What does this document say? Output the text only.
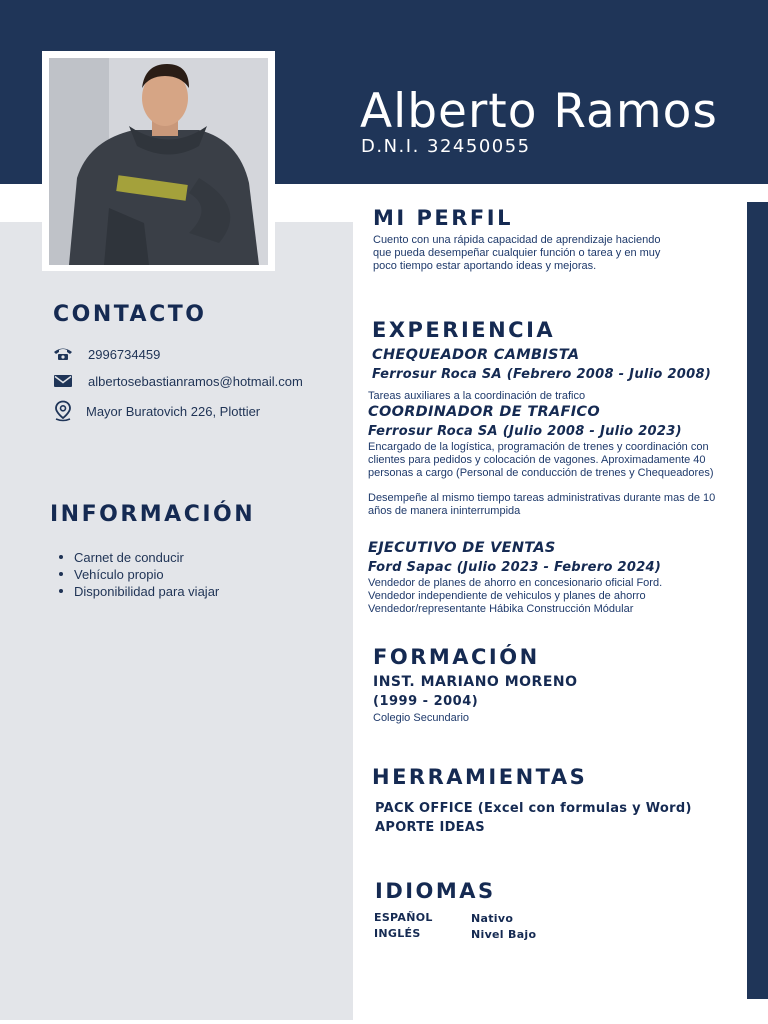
Alberto Ramos
D.N.I. 32450055
CONTACTO
2996734459
albertosebastianramos@hotmail.com
Mayor Buratovich 226, Plottier
INFORMACIÓN
Carnet de conducir
Vehículo propio
Disponibilidad para viajar
MI PERFIL
Cuento con una rápida capacidad de aprendizaje haciendo
que pueda desempeñar cualquier función o tarea y en muy
poco tiempo estar aportando ideas y mejoras.
EXPERIENCIA
CHEQUEADOR CAMBISTA
Ferrosur Roca SA (Febrero 2008 - Julio 2008)
Tareas auxiliares a la coordinación de trafico
COORDINADOR DE TRAFICO
Ferrosur Roca SA (Julio 2008 - Julio 2023)
Encargado de la logística, programación de trenes y coordinación con
clientes para pedidos y colocación de vagones. Aproximadamente 40
personas a cargo (Personal de conducción de trenes y Chequeadores)
Desempeñe al mismo tiempo tareas administrativas durante mas de 10
años de manera ininterrumpida
EJECUTIVO DE VENTAS
Ford Sapac (Julio 2023 - Febrero 2024)
Vendedor de planes de ahorro en concesionario oficial Ford.
Vendedor independiente de vehiculos y planes de ahorro
Vendedor/representante Hábika Construcción Módular
FORMACIÓN
INST. MARIANO MORENO
(1999 - 2004)
Colegio Secundario
HERRAMIENTAS
PACK OFFICE (Excel con formulas y Word)
APORTE IDEAS
IDIOMAS
ESPAÑOL	Nativo
INGLÉS	Nivel Bajo
